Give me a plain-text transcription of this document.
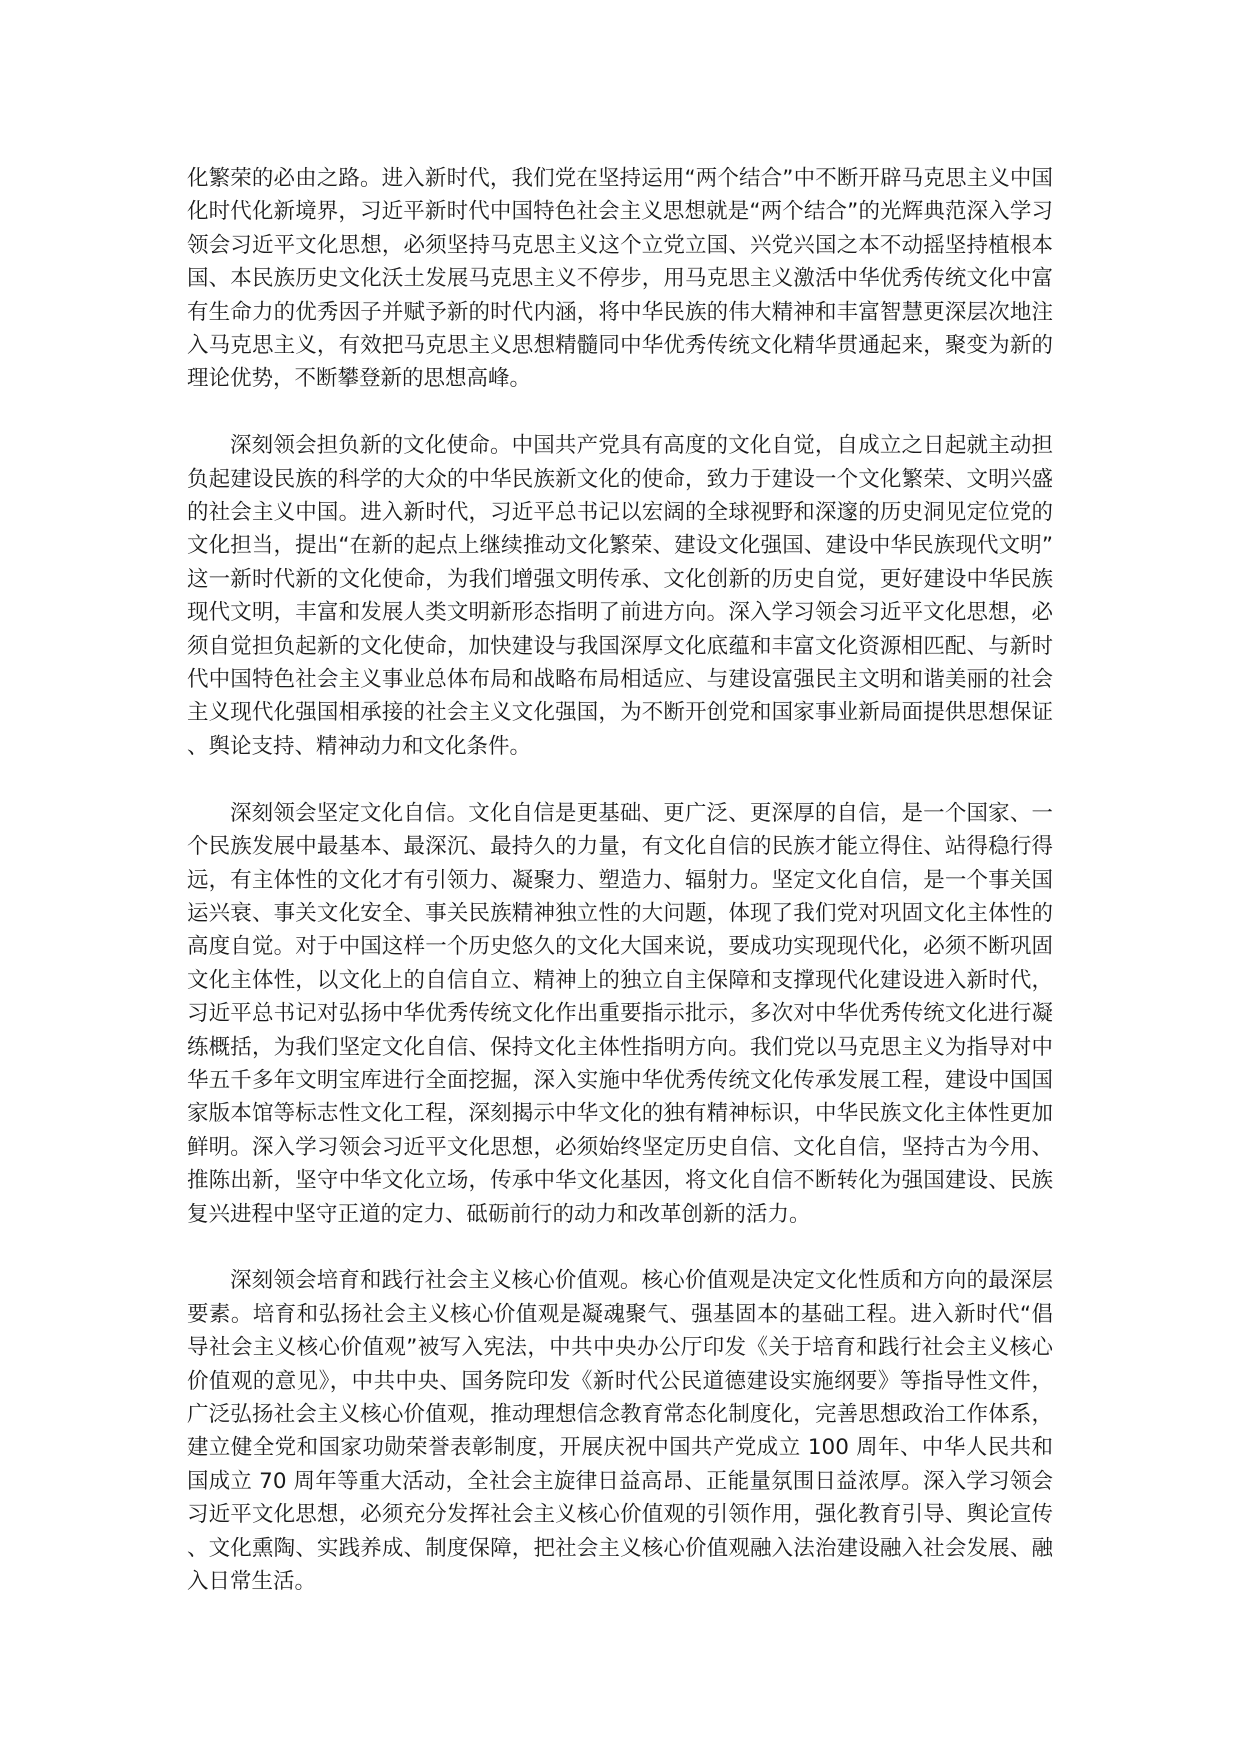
化繁荣的必由之路。进入新时代，我们党在坚持运用“两个结合”中不断开辟马克思主义中国化时代化新境界，习近平新时代中国特色社会主义思想就是“两个结合”的光辉典范深入学习领会习近平文化思想，必须坚持马克思主义这个立党立国、兴党兴国之本不动摇坚持植根本国、本民族历史文化沃土发展马克思主义不停步，用马克思主义激活中华优秀传统文化中富有生命力的优秀因子并赋予新的时代内涵，将中华民族的伟大精神和丰富智慧更深层次地注入马克思主义，有效把马克思主义思想精髓同中华优秀传统文化精华贯通起来，聚变为新的理论优势，不断攀登新的思想高峰。

深刻领会担负新的文化使命。中国共产党具有高度的文化自觉，自成立之日起就主动担负起建设民族的科学的大众的中华民族新文化的使命，致力于建设一个文化繁荣、文明兴盛的社会主义中国。进入新时代，习近平总书记以宏阔的全球视野和深邃的历史洞见定位党的文化担当，提出“在新的起点上继续推动文化繁荣、建设文化强国、建设中华民族现代文明”这一新时代新的文化使命，为我们增强文明传承、文化创新的历史自觉，更好建设中华民族现代文明，丰富和发展人类文明新形态指明了前进方向。深入学习领会习近平文化思想，必须自觉担负起新的文化使命，加快建设与我国深厚文化底蕴和丰富文化资源相匹配、与新时代中国特色社会主义事业总体布局和战略布局相适应、与建设富强民主文明和谐美丽的社会主义现代化强国相承接的社会主义文化强国，为不断开创党和国家事业新局面提供思想保证、舆论支持、精神动力和文化条件。

深刻领会坚定文化自信。文化自信是更基础、更广泛、更深厚的自信，是一个国家、一个民族发展中最基本、最深沉、最持久的力量，有文化自信的民族才能立得住、站得稳行得远，有主体性的文化才有引领力、凝聚力、塑造力、辐射力。坚定文化自信，是一个事关国运兴衰、事关文化安全、事关民族精神独立性的大问题，体现了我们党对巩固文化主体性的高度自觉。对于中国这样一个历史悠久的文化大国来说，要成功实现现代化，必须不断巩固文化主体性，以文化上的自信自立、精神上的独立自主保障和支撑现代化建设进入新时代，习近平总书记对弘扬中华优秀传统文化作出重要指示批示，多次对中华优秀传统文化进行凝练概括，为我们坚定文化自信、保持文化主体性指明方向。我们党以马克思主义为指导对中华五千多年文明宝库进行全面挖掘，深入实施中华优秀传统文化传承发展工程，建设中国国家版本馆等标志性文化工程，深刻揭示中华文化的独有精神标识，中华民族文化主体性更加鲜明。深入学习领会习近平文化思想，必须始终坚定历史自信、文化自信，坚持古为今用、推陈出新，坚守中华文化立场，传承中华文化基因，将文化自信不断转化为强国建设、民族复兴进程中坚守正道的定力、砥砺前行的动力和改革创新的活力。

深刻领会培育和践行社会主义核心价值观。核心价值观是决定文化性质和方向的最深层要素。培育和弘扬社会主义核心价值观是凝魂聚气、强基固本的基础工程。进入新时代“倡导社会主义核心价值观”被写入宪法，中共中央办公厅印发《关于培育和践行社会主义核心价值观的意见》，中共中央、国务院印发《新时代公民道德建设实施纲要》等指导性文件，广泛弘扬社会主义核心价值观，推动理想信念教育常态化制度化，完善思想政治工作体系，建立健全党和国家功勋荣誉表彰制度，开展庆祝中国共产党成立 100 周年、中华人民共和国成立 70 周年等重大活动，全社会主旋律日益高昂、正能量氛围日益浓厚。深入学习领会习近平文化思想，必须充分发挥社会主义核心价值观的引领作用，强化教育引导、舆论宣传、文化熏陶、实践养成、制度保障，把社会主义核心价值观融入法治建设融入社会发展、融入日常生活。
